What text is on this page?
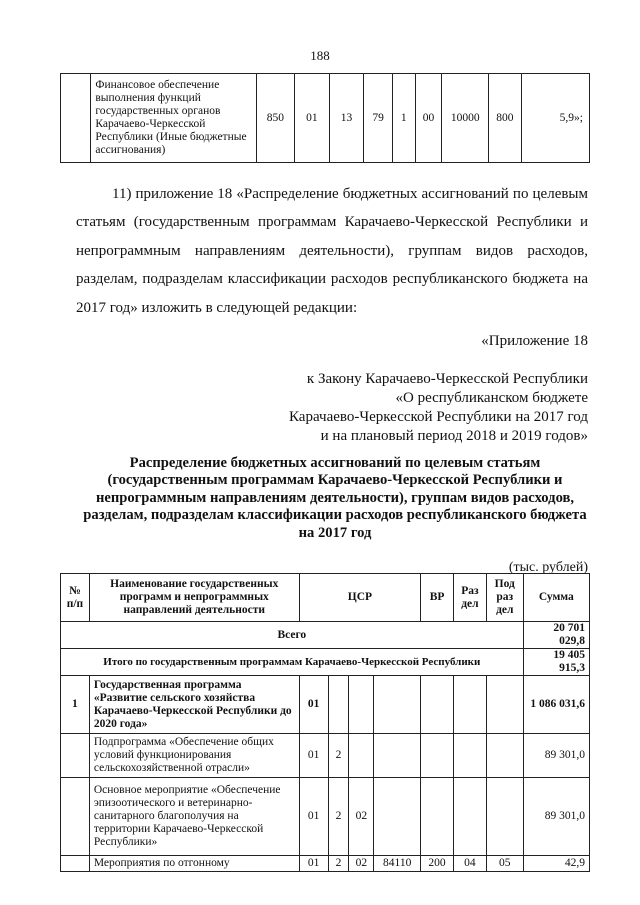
188
	Финансовое обеспечение выполнения функций государственных органов Карачаево-Черкесской Республики (Иные бюджетные ассигнования)	850	01	13	79	1	00	10000	800	5,9»;
11) приложение 18 «Распределение бюджетных ассигнований по целевым статьям (государственным программам Карачаево-Черкесской Республики и непрограммным направлениям деятельности), группам видов расходов, разделам, подразделам классификации расходов республиканского бюджета на 2017 год» изложить в следующей редакции:
«Приложение 18
к Закону Карачаево-Черкесской Республики
«О республиканском бюджете
Карачаево-Черкесской Республики на 2017 год
и на плановый период 2018 и 2019 годов»
Распределение бюджетных ассигнований по целевым статьям (государственным программам Карачаево-Черкесской Республики и непрограммным направлениям деятельности), группам видов расходов, разделам, подразделам классификации расходов республиканского бюджета на 2017 год
(тыс. рублей)
№ п/п	Наименование государственных программ и непрограммных направлений деятельности	ЦСР				ВР	Раз дел	Под раз дел	Сумма
Всего									20 701 029,8
Итого по государственным программам Карачаево-Черкесской Республики									19 405 915,3
1	Государственная программа «Развитие сельского хозяйства Карачаево-Черкесской Республики до 2020 года»	01							1 086 031,6
	Подпрограмма «Обеспечение общих условий функционирования сельскохозяйственной отрасли»	01	2						89 301,0
	Основное мероприятие «Обеспечение эпизоотического и ветеринарно-санитарного благополучия на территории Карачаево-Черкесской Республики»	01	2	02					89 301,0
	Мероприятия по отгонному	01	2	02	84110	200	04	05	42,9
